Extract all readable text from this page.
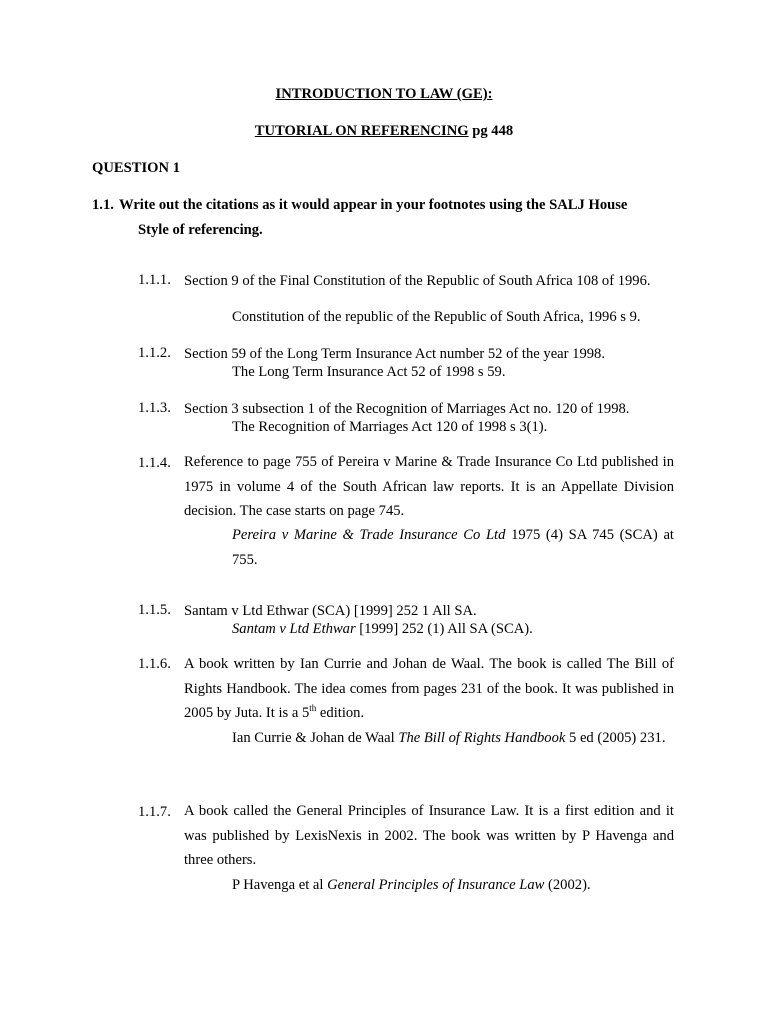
INTRODUCTION TO LAW (GE):
TUTORIAL ON REFERENCING pg 448
QUESTION 1
1.1. Write out the citations as it would appear in your footnotes using the SALJ House
Style of referencing.
1.1.1. Section 9 of the Final Constitution of the Republic of South Africa 108 of 1996.
Constitution of the republic of the Republic of South Africa, 1996 s 9.
1.1.2. Section 59 of the Long Term Insurance Act number 52 of the year 1998.
The Long Term Insurance Act 52 of 1998 s 59.
1.1.3. Section 3 subsection 1 of the Recognition of Marriages Act no. 120 of 1998.
The Recognition of Marriages Act 120 of 1998 s 3(1).
1.1.4. Reference to page 755 of Pereira v Marine & Trade Insurance Co Ltd published in 1975 in volume 4 of the South African law reports. It is an Appellate Division decision. The case starts on page 745.
Pereira v Marine & Trade Insurance Co Ltd 1975 (4) SA 745 (SCA) at 755.
1.1.5. Santam v Ltd Ethwar (SCA) [1999] 252 1 All SA.
Santam v Ltd Ethwar [1999] 252 (1) All SA (SCA).
1.1.6. A book written by Ian Currie and Johan de Waal. The book is called The Bill of Rights Handbook. The idea comes from pages 231 of the book. It was published in 2005 by Juta. It is a 5th edition.
Ian Currie & Johan de Waal The Bill of Rights Handbook 5 ed (2005) 231.
1.1.7. A book called the General Principles of Insurance Law. It is a first edition and it was published by LexisNexis in 2002. The book was written by P Havenga and three others.
P Havenga et al General Principles of Insurance Law (2002).
